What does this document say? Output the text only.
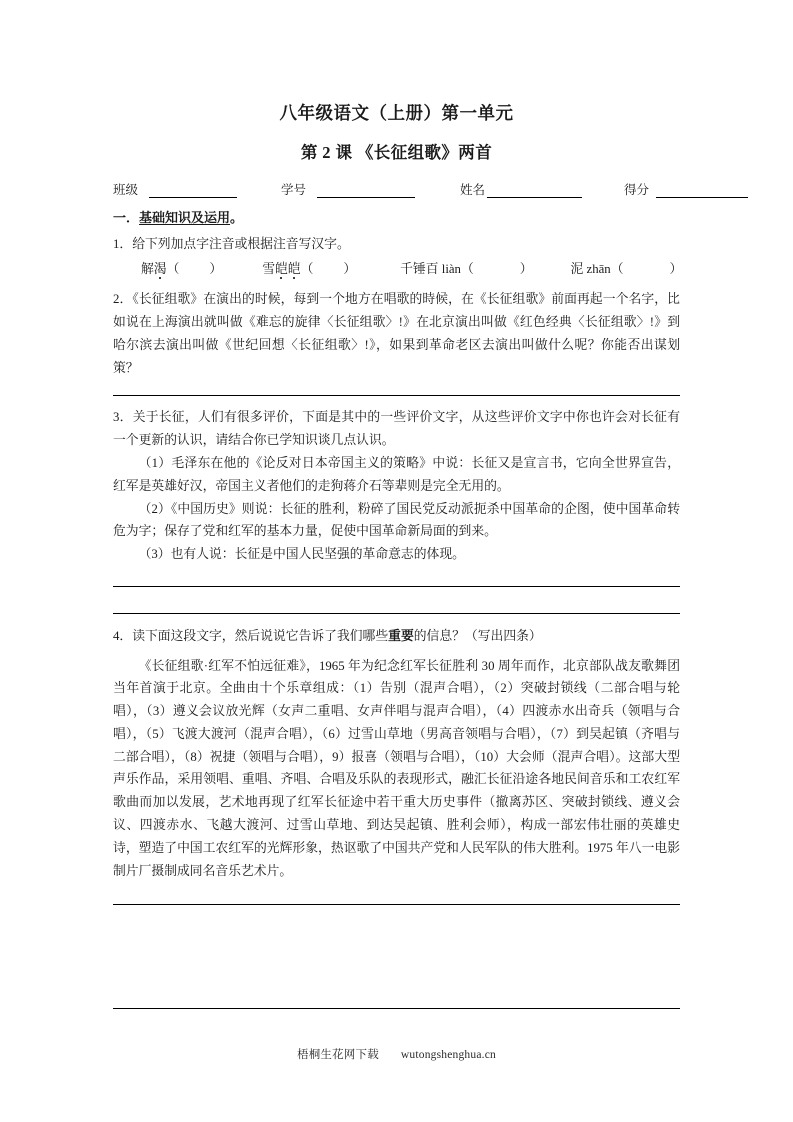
八年级语文（上册）第一单元
第 2 课 《长征组歌》两首
班级	学号	姓名	得分
一．基础知识及运用。
1．给下列加点字注音或根据注音写汉字。
解渴（ ）	雪皑皑（ ）	千锤百 liàn（	）	泥 zhān（	）
2．《长征组歌》在演出的时候，每到一个地方在唱歌的時候，在《长征组歌》前面再起一个名字，比如说在上海演出就叫做《难忘的旋律〈长征组歌〉!》在北京演出叫做《红色经典〈长征组歌〉!》到哈尔滨去演出叫做《世纪回想〈长征组歌〉!》，如果到革命老区去演出叫做什么呢？你能否出谋划策？
3．关于长征，人们有很多评价，下面是其中的一些评价文字，从这些评价文字中你也许会对长征有一个更新的认识，请结合你已学知识谈几点认识。
（1）毛泽东在他的《论反对日本帝国主义的策略》中说：长征又是宣言书，它向全世界宣告，红军是英雄好汉，帝国主义者他们的走狗蒋介石等辈则是完全无用的。
（2）《中国历史》则说：长征的胜利，粉碎了国民党反动派扼杀中国革命的企图，使中国革命转危为字；保存了党和红军的基本力量，促使中国革命新局面的到来。
（3）也有人说：长征是中国人民坚强的革命意志的体现。
4．读下面这段文字，然后说说它告诉了我们哪些重要的信息？（写出四条）
《长征组歌·红军不怕远征难》，1965 年为纪念红军长征胜利 30 周年而作，北京部队战友歌舞团当年首演于北京。全曲由十个乐章组成：（1）告别（混声合唱），（2）突破封锁线（二部合唱与轮唱），（3）遵义会议放光辉（女声二重唱、女声伴唱与混声合唱），（4）四渡赤水出奇兵（领唱与合唱），（5）飞渡大渡河（混声合唱），（6）过雪山草地（男高音领唱与合唱），（7）到吴起镇（齐唱与二部合唱），（8）祝捷（领唱与合唱），9）报喜（领唱与合唱），（10）大会师（混声合唱）。这部大型声乐作品，采用领唱、重唱、齐唱、合唱及乐队的表现形式，融汇长征沿途各地民间音乐和工农红军歌曲而加以发展，艺术地再现了红军长征途中若干重大历史事件（撤离苏区、突破封锁线、遵义会议、四渡赤水、飞越大渡河、过雪山草地、到达吴起镇、胜利会师），构成一部宏伟壮丽的英雄史诗，塑造了中国工农红军的光辉形象，热讴歌了中国共产党和人民军队的伟大胜利。1975 年八一电影制片厂摄制成同名音乐艺术片。
梧桐生花网下载 wutongshenghua.cn
